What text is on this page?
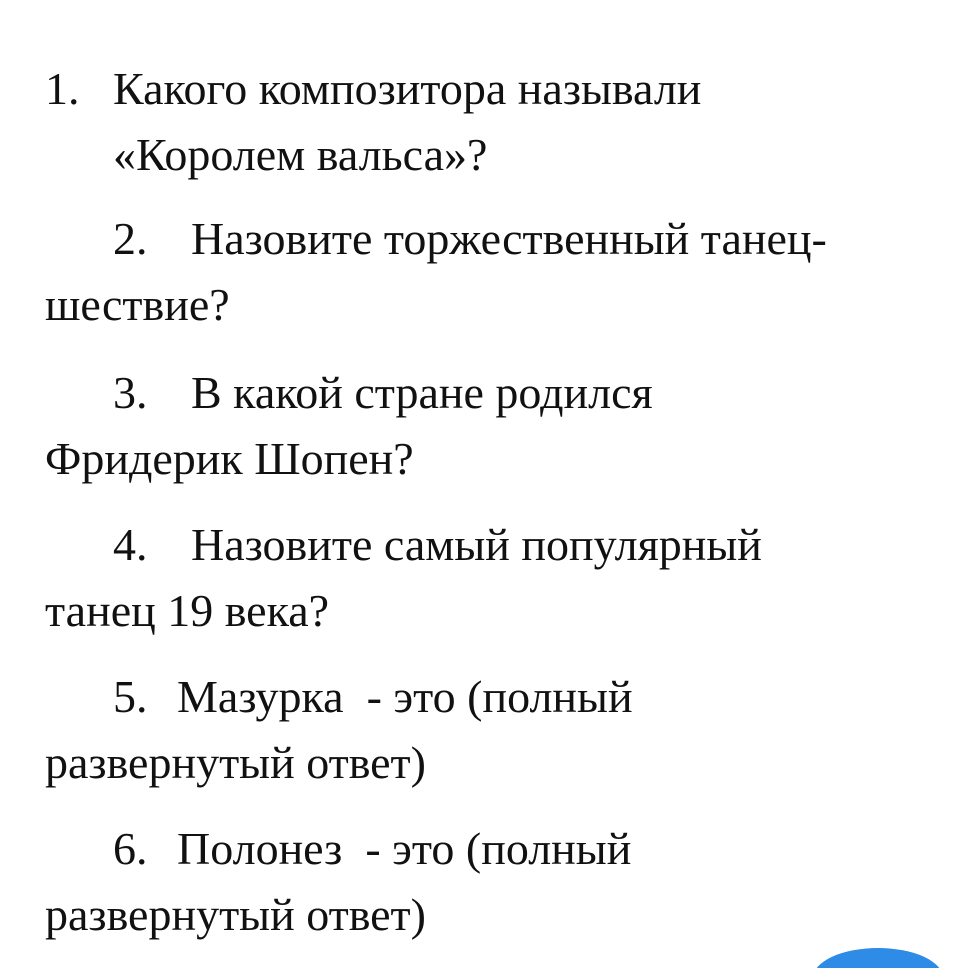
1. Какого композитора называли
«Королем вальса»?
2. Назовите торжественный танец-
шествие?
3. В какой стране родился
Фридерик Шопен?
4. Назовите самый популярный
танец 19 века?
5. Мазурка  - это (полный
развернутый ответ)
6. Полонез  - это (полный
развернутый ответ)
